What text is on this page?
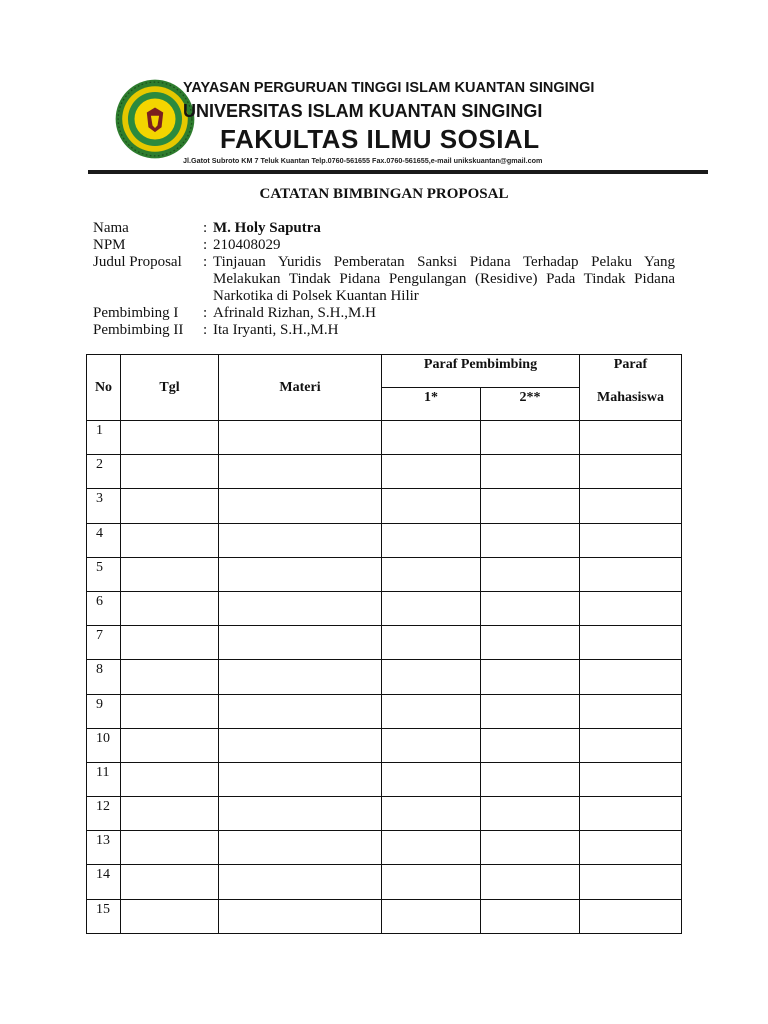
YAYASAN PERGURUAN TINGGI ISLAM KUANTAN SINGINGI
UNIVERSITAS ISLAM KUANTAN SINGINGI
FAKULTAS ILMU SOSIAL
Jl.Gatot Subroto KM 7 Teluk Kuantan Telp.0760-561655 Fax.0760-561655,e-mail unikskuantan@gmail.com
CATATAN BIMBINGAN PROPOSAL
Nama	: M. Holy Saputra
NPM	: 210408029
Judul Proposal	: Tinjauan Yuridis Pemberatan Sanksi Pidana Terhadap Pelaku Yang Melakukan Tindak Pidana Pengulangan (Residive) Pada Tindak Pidana Narkotika di Polsek Kuantan Hilir
Pembimbing I	: Afrinald Rizhan, S.H.,M.H
Pembimbing II	: Ita Iryanti, S.H.,M.H
No	Tgl	Materi	Paraf Pembimbing		Paraf
			1*	2**	Mahasiswa
1					
2					
3					
4					
5					
6					
7					
8					
9					
10					
11					
12					
13					
14					
15					
